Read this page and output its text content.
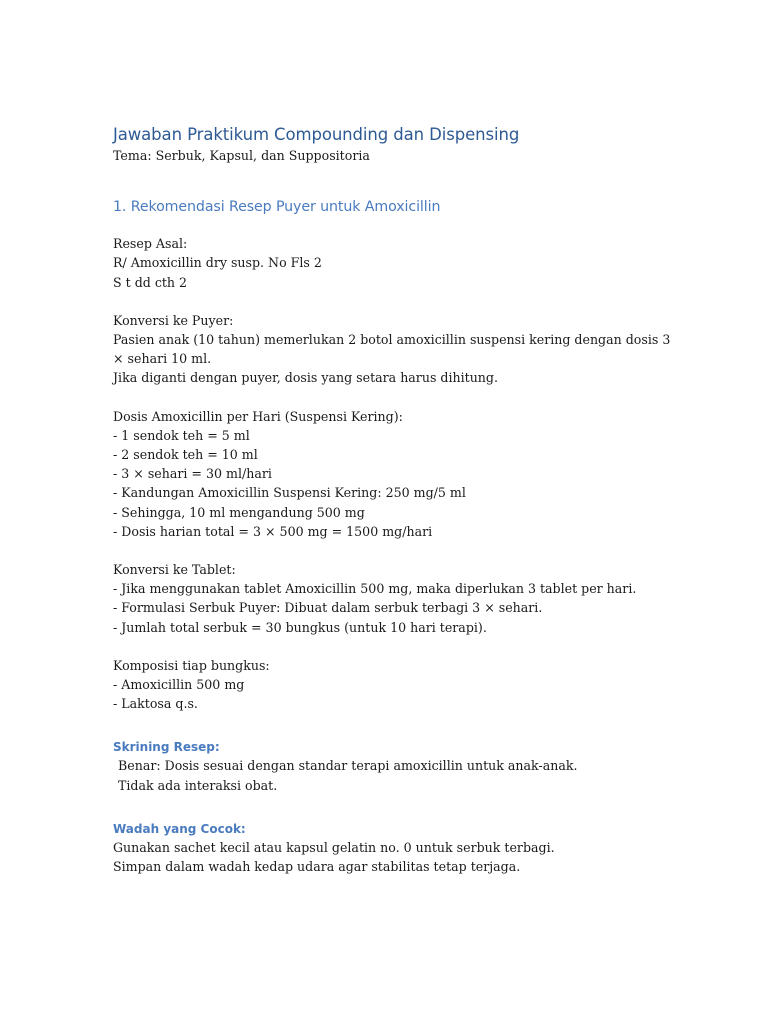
Jawaban Praktikum Compounding dan Dispensing

Tema: Serbuk, Kapsul, dan Suppositoria

1. Rekomendasi Resep Puyer untuk Amoxicillin
Resep Asal:
R/ Amoxicillin dry susp. No Fls 2
S t dd cth 2
Konversi ke Puyer:
Pasien anak (10 tahun) memerlukan 2 botol amoxicillin suspensi kering dengan dosis 3 × sehari 10 ml.
Jika diganti dengan puyer, dosis yang setara harus dihitung.
Dosis Amoxicillin per Hari (Suspensi Kering):
- 1 sendok teh = 5 ml
- 2 sendok teh = 10 ml
- 3 × sehari = 30 ml/hari
- Kandungan Amoxicillin Suspensi Kering: 250 mg/5 ml
- Sehingga, 10 ml mengandung 500 mg
- Dosis harian total = 3 × 500 mg = 1500 mg/hari
Konversi ke Tablet:
- Jika menggunakan tablet Amoxicillin 500 mg, maka diperlukan 3 tablet per hari.
- Formulasi Serbuk Puyer: Dibuat dalam serbuk terbagi 3 × sehari.
- Jumlah total serbuk = 30 bungkus (untuk 10 hari terapi).
Komposisi tiap bungkus:
- Amoxicillin 500 mg
- Laktosa q.s.
Skrining Resep:
Benar: Dosis sesuai dengan standar terapi amoxicillin untuk anak-anak.
Tidak ada interaksi obat.
Wadah yang Cocok:
Gunakan sachet kecil atau kapsul gelatin no. 0 untuk serbuk terbagi.
Simpan dalam wadah kedap udara agar stabilitas tetap terjaga.
